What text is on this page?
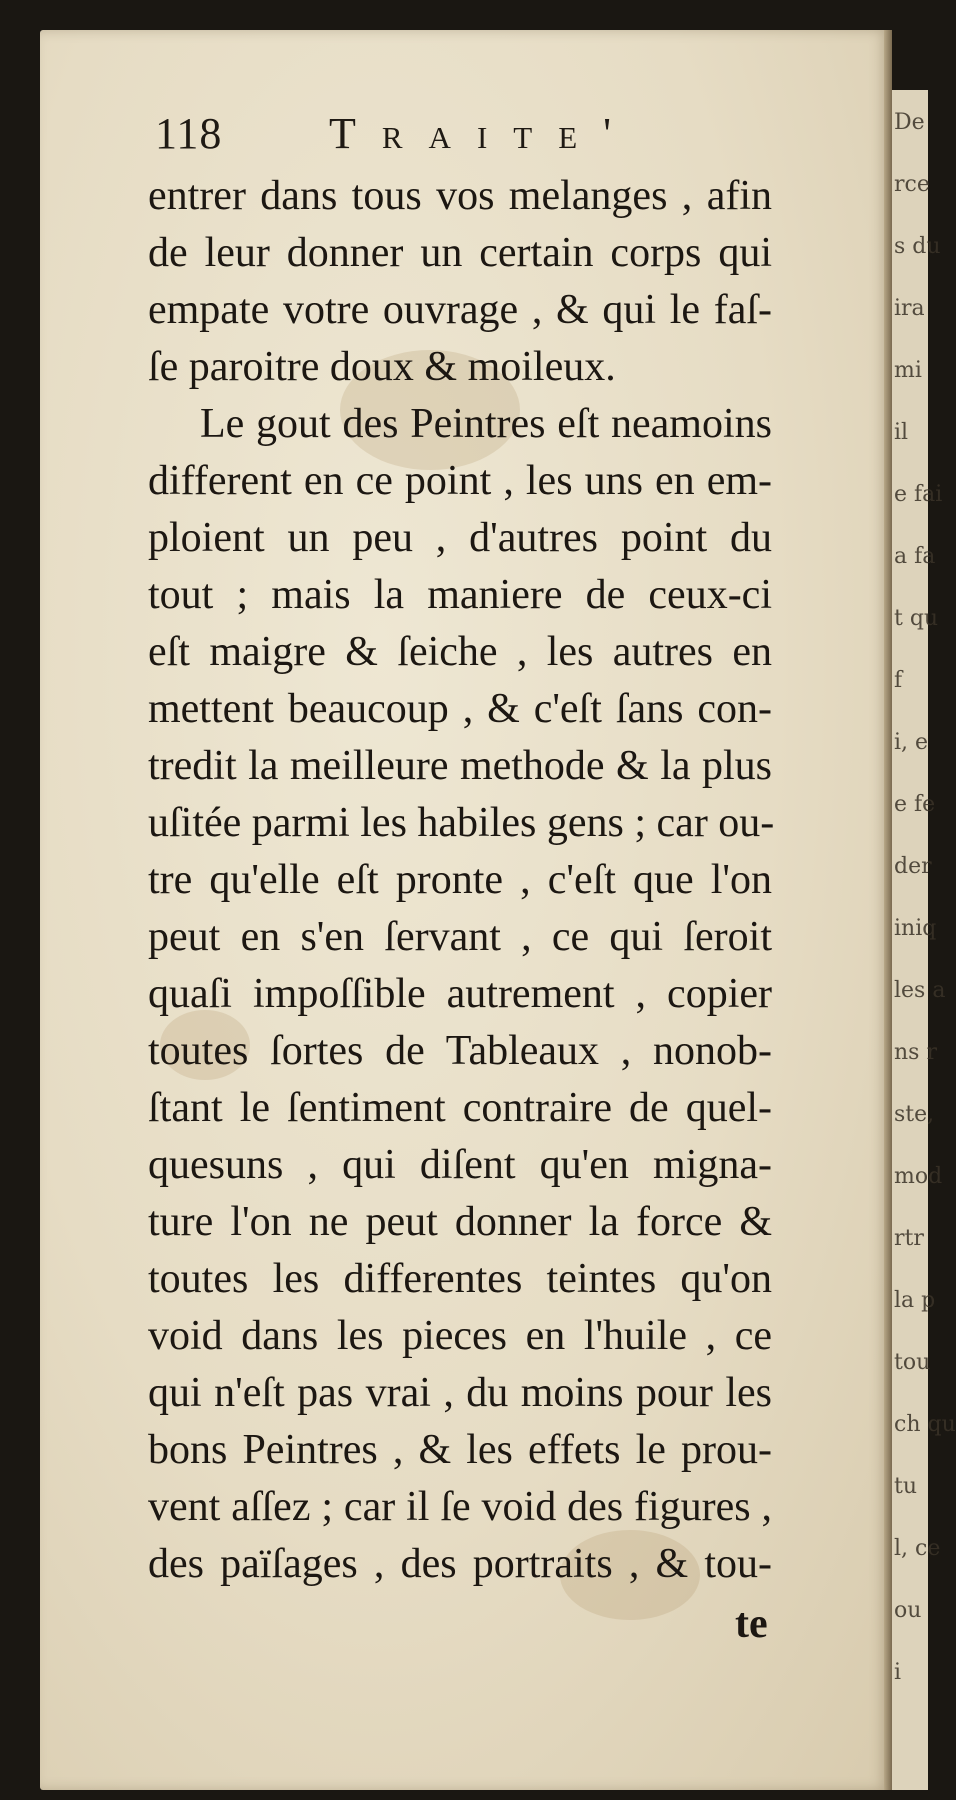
De
rce
s du
ira
mi
il
e fai
a fa
t qu
f
i, e
e fe
der
iniq
les a
ns r
ste,
mod
rtr
la p
tou
ch qu
tu
l, ce
ou
i
118 Traite'
entrer dans tous vos melanges , afin
de leur donner un certain corps qui
empate votre ouvrage , & qui le faſ-
ſe paroitre doux & moileux.
Le gout des Peintres eſt neamoins
different en ce point , les uns en em-
ploient un peu , d'autres point du
tout ; mais la maniere de ceux-ci
eſt maigre & ſeiche , les autres en
mettent beaucoup , & c'eſt ſans con-
tredit la meilleure methode & la plus
uſitée parmi les habiles gens ; car ou-
tre qu'elle eſt pronte , c'eſt que l'on
peut en s'en ſervant , ce qui ſeroit
quaſi impoſſible autrement , copier
toutes ſortes de Tableaux , nonob-
ſtant le ſentiment contraire de quel-
quesuns , qui diſent qu'en migna-
ture l'on ne peut donner la force &
toutes les differentes teintes qu'on
void dans les pieces en l'huile , ce
qui n'eſt pas vrai , du moins pour les
bons Peintres , & les effets le prou-
vent aſſez ; car il ſe void des figures ,
des païſages , des portraits , & tou-
te
